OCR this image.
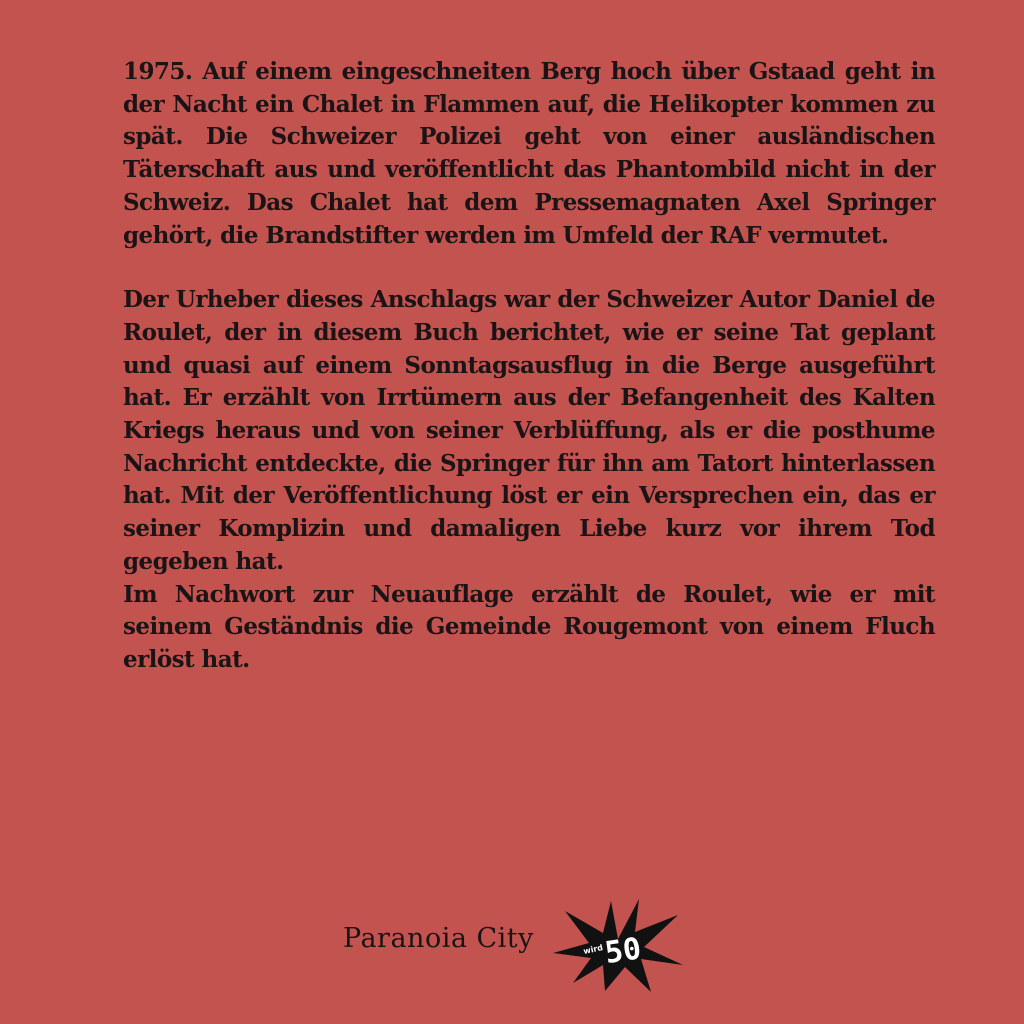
1975. Auf einem eingeschneiten Berg hoch über Gstaad geht in der Nacht ein Chalet in Flammen auf, die Helikopter kommen zu spät. Die Schweizer Polizei geht von einer ausländischen Täterschaft aus und veröffentlicht das Phantombild nicht in der Schweiz. Das Chalet hat dem Pressemagnaten Axel Springer gehört, die Brandstifter werden im Umfeld der RAF vermutet.

Der Urheber dieses Anschlags war der Schweizer Autor Daniel de Roulet, der in diesem Buch berichtet, wie er seine Tat geplant und quasi auf einem Sonntagsausflug in die Berge ausgeführt hat. Er erzählt von Irrtümern aus der Befangenheit des Kalten Kriegs heraus und von seiner Verblüffung, als er die posthume Nachricht entdeckte, die Springer für ihn am Tatort hinterlassen hat. Mit der Veröffentlichung löst er ein Versprechen ein, das er seiner Komplizin und damaligen Liebe kurz vor ihrem Tod gegeben hat.

Im Nachwort zur Neuauflage erzählt de Roulet, wie er mit seinem Geständnis die Gemeinde Rougemont von einem Fluch erlöst hat.

Paranoia City	wird
50
